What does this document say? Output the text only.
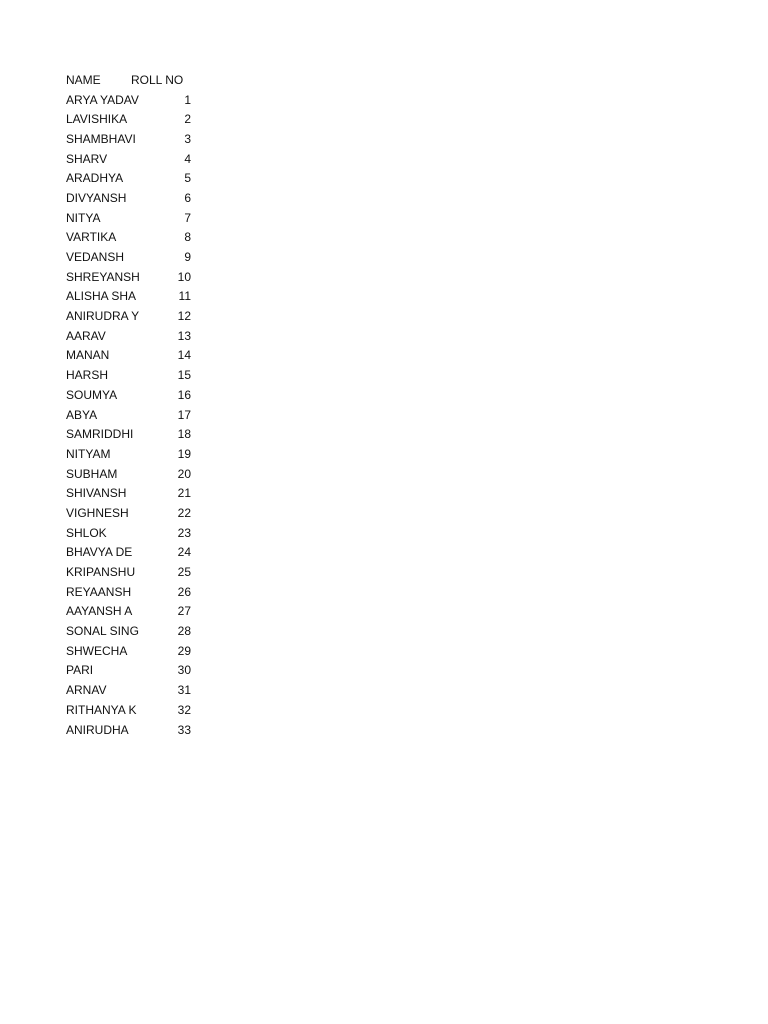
NAME	ROLL NO
ARYA YADAV	1
LAVISHIKA	2
SHAMBHAVI	3
SHARV	4
ARADHYA	5
DIVYANSH	6
NITYA	7
VARTIKA	8
VEDANSH	9
SHREYANSH	10
ALISHA SHA	11
ANIRUDRA Y	12
AARAV	13
MANAN	14
HARSH	15
SOUMYA	16
ABYA	17
SAMRIDDHI	18
NITYAM	19
SUBHAM	20
SHIVANSH	21
VIGHNESH	22
SHLOK	23
BHAVYA DE	24
KRIPANSHU	25
REYAANSH	26
AAYANSH A	27
SONAL SING	28
SHWECHA	29
PARI	30
ARNAV	31
RITHANYA K	32
ANIRUDHA	33
